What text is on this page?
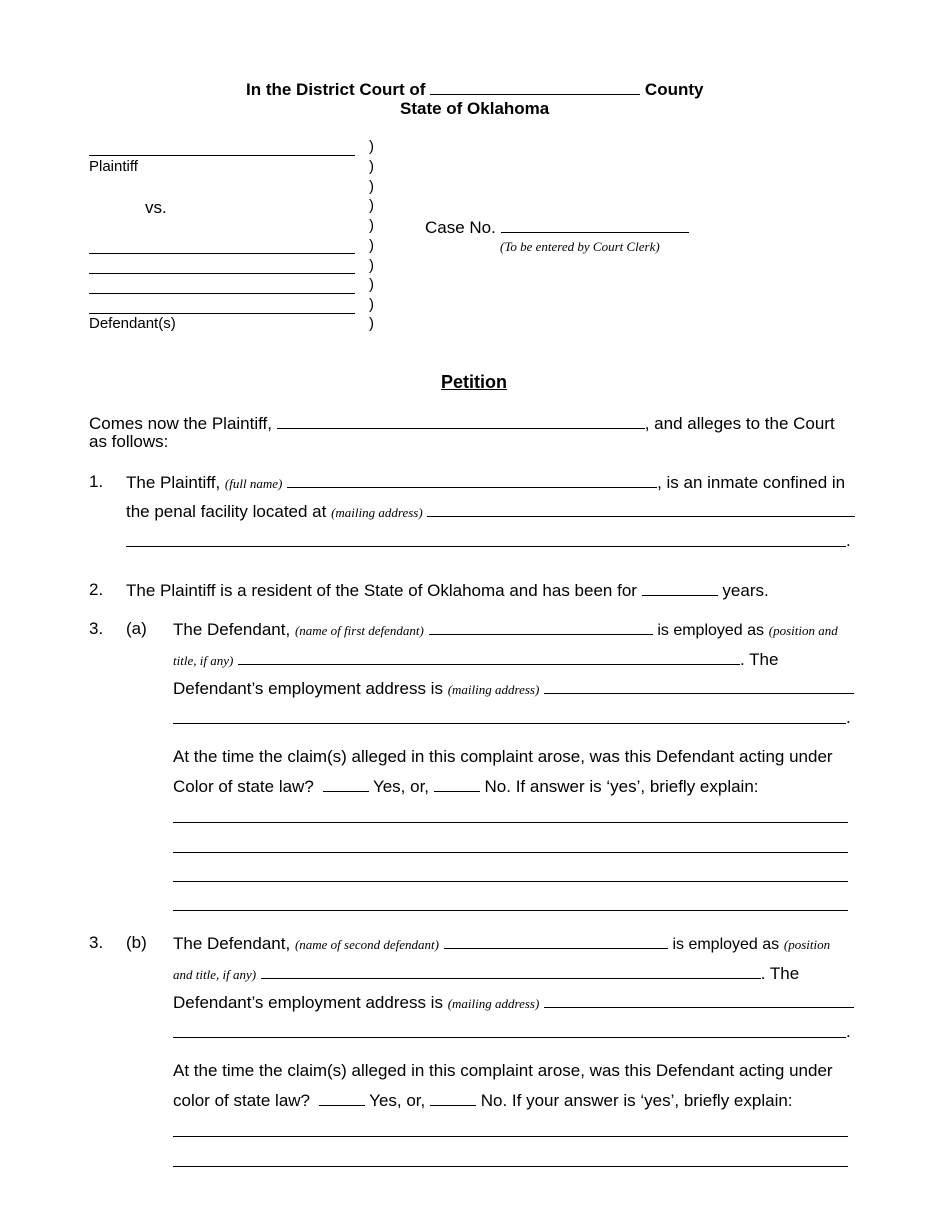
In the District Court of	County
State of Oklahoma
Plaintiff
vs.
Defendant(s)
)
)
)
)
)
)
)
)
)
)
Case No.
(To be entered by Court Clerk)
Petition
Comes now the Plaintiff,	, and alleges to the Court
as follows:
1. The Plaintiff, (full name)	, is an inmate confined in
the penal facility located at (mailing address)
.
2. The Plaintiff is a resident of the State of Oklahoma and has been for	years.
3. (a) The Defendant, (name of first defendant)	is employed as (position and
title, if any)	. The
Defendant’s employment address is (mailing address)
.
At the time the claim(s) alleged in this complaint arose, was this Defendant acting under
Color of state law?	Yes, or,	No. If answer is ‘yes’, briefly explain:
3. (b) The Defendant, (name of second defendant)	is employed as (position
and title, if any)	. The
Defendant’s employment address is (mailing address)
.
At the time the claim(s) alleged in this complaint arose, was this Defendant acting under
color of state law?	Yes, or,	No. If your answer is ‘yes’, briefly explain:
